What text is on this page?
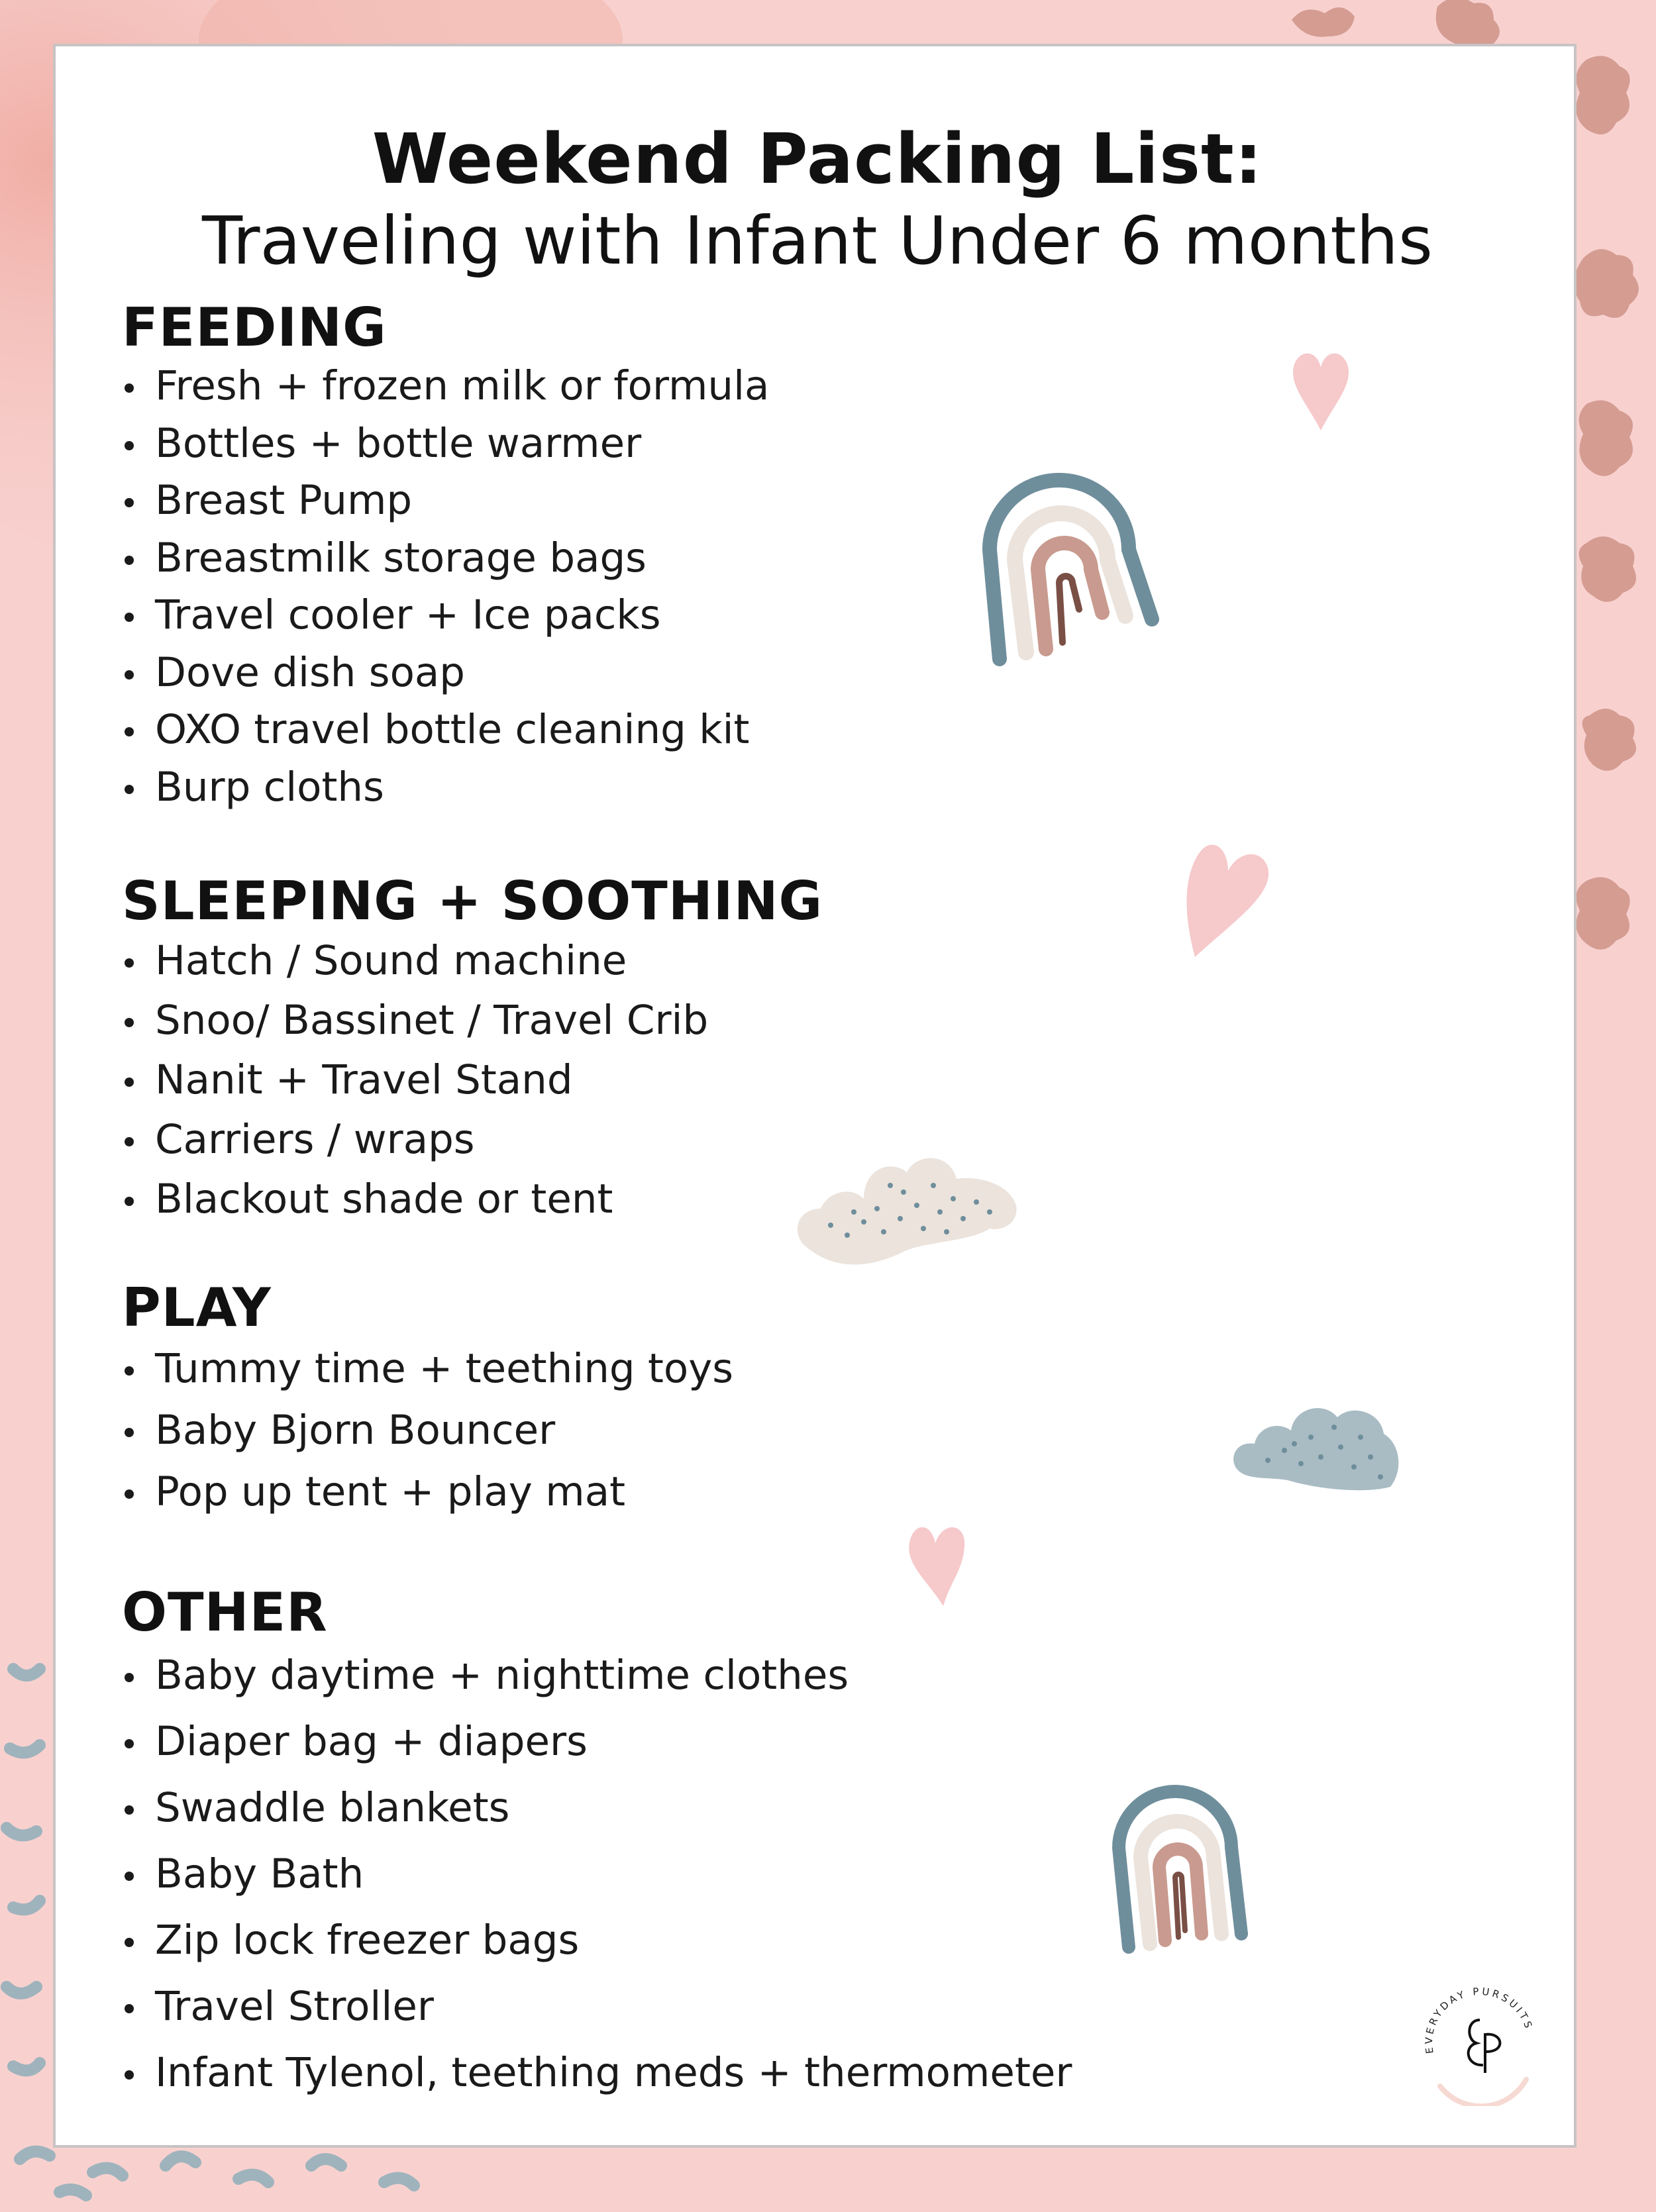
Weekend Packing List:
Traveling with Infant Under 6 months
FEEDING
Fresh + frozen milk or formula
Bottles + bottle warmer
Breast Pump
Breastmilk storage bags
Travel cooler + Ice packs
Dove dish soap
OXO travel bottle cleaning kit
Burp cloths
SLEEPING + SOOTHING
Hatch / Sound machine
Snoo/ Bassinet / Travel Crib
Nanit + Travel Stand
Carriers / wraps
Blackout shade or tent
PLAY
Tummy time + teething toys
Baby Bjorn Bouncer
Pop up tent + play mat
OTHER
Baby daytime + nighttime clothes
Diaper bag + diapers
Swaddle blankets
Baby Bath
Zip lock freezer bags
Travel Stroller
Infant Tylenol, teething meds + thermometer	EVERYDAY PURSUITS
